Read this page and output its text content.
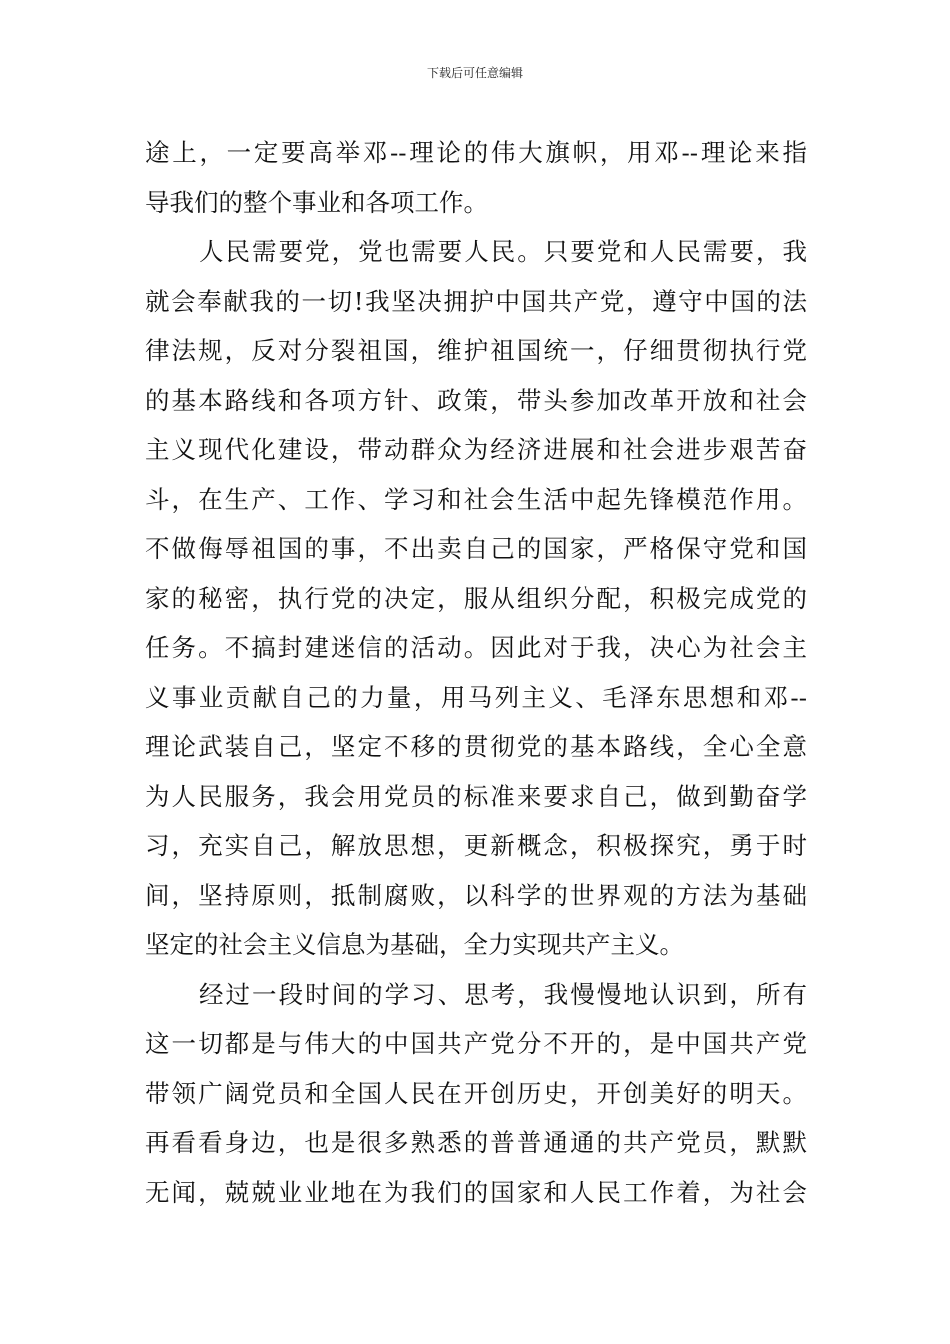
下载后可任意编辑
途上，一定要高举邓--理论的伟大旗帜，用邓--理论来指
导我们的整个事业和各项工作。
人民需要党，党也需要人民。只要党和人民需要，我
就会奉献我的一切!我坚决拥护中国共产党，遵守中国的法
律法规，反对分裂祖国，维护祖国统一，仔细贯彻执行党
的基本路线和各项方针、政策，带头参加改革开放和社会
主义现代化建设，带动群众为经济进展和社会进步艰苦奋
斗，在生产、工作、学习和社会生活中起先锋模范作用。
不做侮辱祖国的事，不出卖自己的国家，严格保守党和国
家的秘密，执行党的决定，服从组织分配，积极完成党的
任务。不搞封建迷信的活动。因此对于我，决心为社会主
义事业贡献自己的力量，用马列主义、毛泽东思想和邓--
理论武装自己，坚定不移的贯彻党的基本路线，全心全意
为人民服务，我会用党员的标准来要求自己，做到勤奋学
习，充实自己，解放思想，更新概念，积极探究，勇于时
间，坚持原则，抵制腐败，以科学的世界观的方法为基础
坚定的社会主义信息为基础，全力实现共产主义。
经过一段时间的学习、思考，我慢慢地认识到，所有
这一切都是与伟大的中国共产党分不开的，是中国共产党
带领广阔党员和全国人民在开创历史，开创美好的明天。
再看看身边，也是很多熟悉的普普通通的共产党员，默默
无闻，兢兢业业地在为我们的国家和人民工作着，为社会
